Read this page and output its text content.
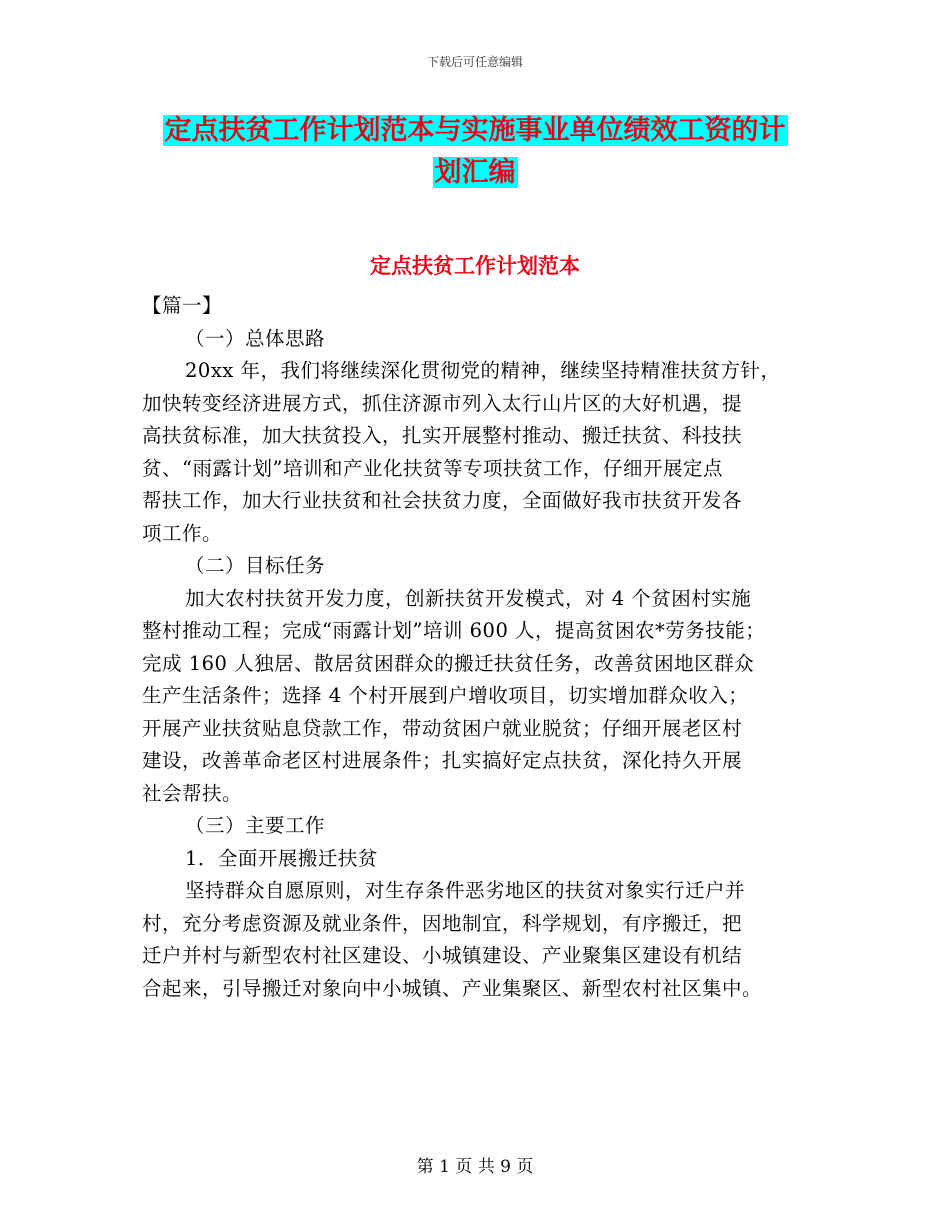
下载后可任意编辑
定点扶贫工作计划范本与实施事业单位绩效工资的计
划汇编
定点扶贫工作计划范本
【篇一】
（一）总体思路
20xx 年，我们将继续深化贯彻党的精神，继续坚持精准扶贫方针，
加快转变经济进展方式，抓住济源市列入太行山片区的大好机遇，提
高扶贫标准，加大扶贫投入，扎实开展整村推动、搬迁扶贫、科技扶
贫、“雨露计划”培训和产业化扶贫等专项扶贫工作，仔细开展定点
帮扶工作，加大行业扶贫和社会扶贫力度，全面做好我市扶贫开发各
项工作。
（二）目标任务
加大农村扶贫开发力度，创新扶贫开发模式，对 4 个贫困村实施
整村推动工程；完成“雨露计划”培训 600 人，提高贫困农*劳务技能；
完成 160 人独居、散居贫困群众的搬迁扶贫任务，改善贫困地区群众
生产生活条件；选择 4 个村开展到户增收项目，切实增加群众收入；
开展产业扶贫贴息贷款工作，带动贫困户就业脱贫；仔细开展老区村
建设，改善革命老区村进展条件；扎实搞好定点扶贫，深化持久开展
社会帮扶。
（三）主要工作
1．全面开展搬迁扶贫
坚持群众自愿原则，对生存条件恶劣地区的扶贫对象实行迁户并
村，充分考虑资源及就业条件，因地制宜，科学规划，有序搬迁，把
迁户并村与新型农村社区建设、小城镇建设、产业聚集区建设有机结
合起来，引导搬迁对象向中小城镇、产业集聚区、新型农村社区集中。
第 1 页 共 9 页
